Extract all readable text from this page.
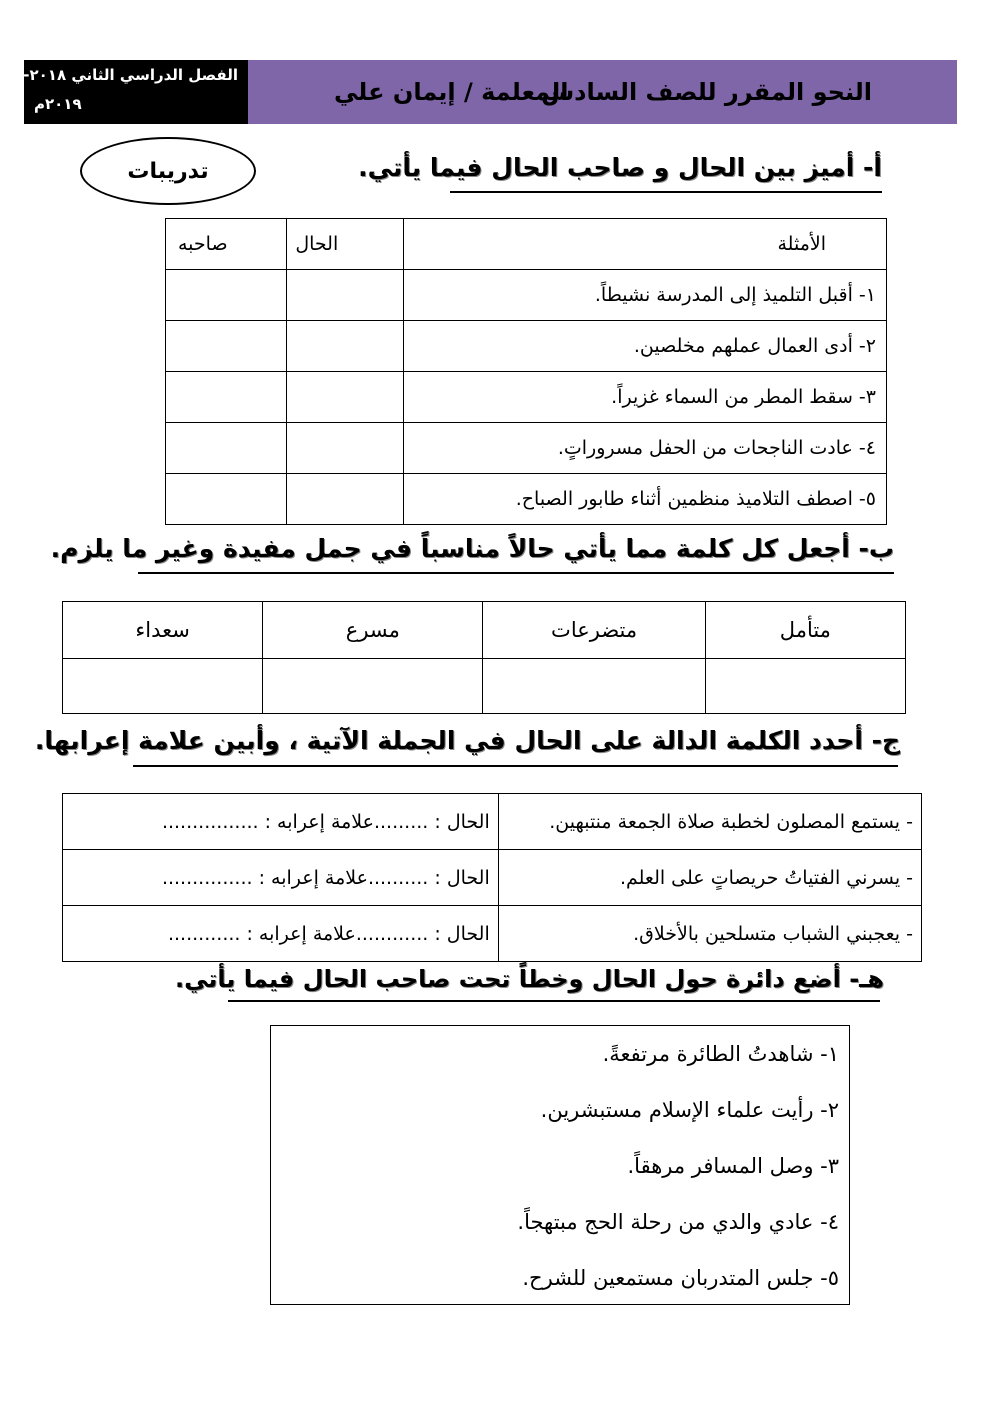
الفصل الدراسي الثاني ٢٠١٨-
٢٠١٩م	النحو المقرر للصف السادس
المعلمة / إيمان علي
تدريبات	أ- أميز بين الحال و صاحب الحال فيما يأتي.
الأمثلة	الحال	صاحبه
١- أقبل التلميذ إلى المدرسة نشيطاً.		
٢- أدى العمال عملهم مخلصين.		
٣- سقط المطر من السماء غزيراً.		
٤- عادت الناجحات من الحفل مسروراتٍ.		
٥- اصطف التلاميذ منظمين أثناء طابور الصباح.		
ب- أجعل كل كلمة مما يأتي حالاً مناسباً في جمل مفيدة وغير ما يلزم.
متأمل	متضرعات	مسرع	سعداء

ج- أحدد الكلمة الدالة على الحال في الجملة الآتية ، وأبين علامة إعرابها.
- يستمع المصلون لخطبة صلاة الجمعة منتبهين.	الحال : .........علامة إعرابه : ................
- يسرني الفتياتُ حريصاتٍ على العلم.	الحال : ..........علامة إعرابه : ...............
- يعجبني الشباب متسلحين بالأخلاق.	الحال : ............علامة إعرابه : ............
هـ- أضع دائرة حول الحال وخطاً تحت صاحب الحال فيما يأتي.
١- شاهدتُ الطائرة مرتفعةً.
٢- رأيت علماء الإسلام مستبشرين.
٣- وصل المسافر مرهقاً.
٤- عادي والدي من رحلة الحج مبتهجاً.
٥- جلس المتدربان مستمعين للشرح.
